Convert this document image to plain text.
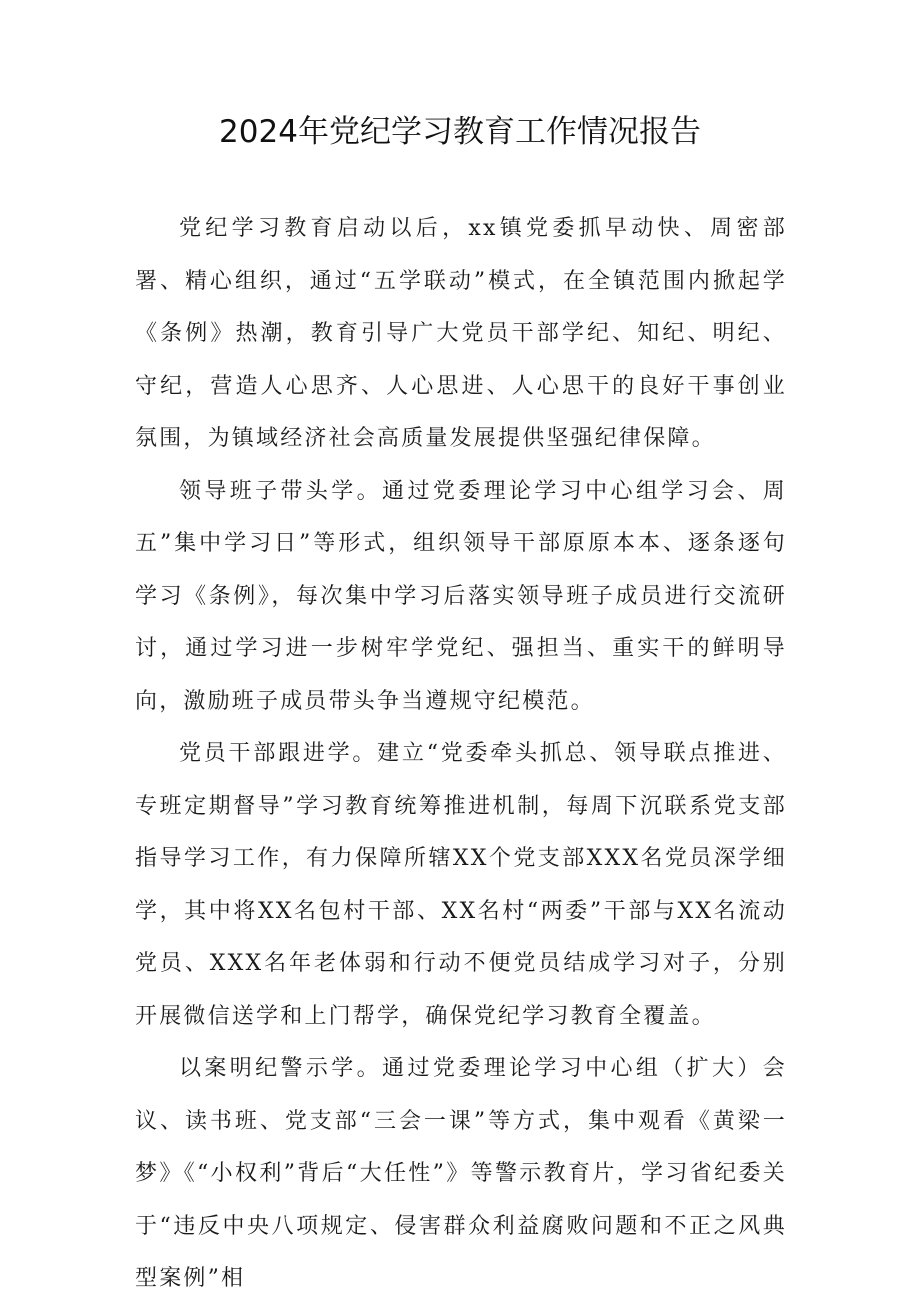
2024年党纪学习教育工作情况报告

党纪学习教育启动以后，xx镇党委抓早动快、周密部署、精心组织，通过“五学联动”模式，在全镇范围内掀起学《条例》热潮，教育引导广大党员干部学纪、知纪、明纪、守纪，营造人心思齐、人心思进、人心思干的良好干事创业氛围，为镇域经济社会高质量发展提供坚强纪律保障。

领导班子带头学。通过党委理论学习中心组学习会、周五”集中学习日”等形式，组织领导干部原原本本、逐条逐句学习《条例》，每次集中学习后落实领导班子成员进行交流研讨，通过学习进一步树牢学党纪、强担当、重实干的鲜明导向，激励班子成员带头争当遵规守纪模范。

党员干部跟进学。建立“党委牵头抓总、领导联点推进、专班定期督导”学习教育统筹推进机制，每周下沉联系党支部指导学习工作，有力保障所辖XX个党支部XXX名党员深学细学，其中将XX名包村干部、XX名村“两委”干部与XX名流动党员、XXX名年老体弱和行动不便党员结成学习对子，分别开展微信送学和上门帮学，确保党纪学习教育全覆盖。

以案明纪警示学。通过党委理论学习中心组（扩大）会议、读书班、党支部“三会一课”等方式，集中观看《黄梁一梦》《“小权利”背后“大任性”》等警示教育片，学习省纪委关于“违反中央八项规定、侵害群众利益腐败问题和不正之风典型案例”相
